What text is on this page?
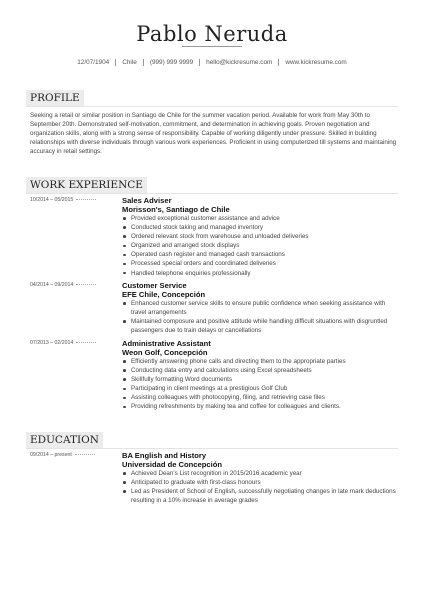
Pablo Neruda
12/07/1904 Chile (999) 999 9999 hello@kickresume.com www.kickresume.com
PROFILE
Seeking a retail or similar position in Santiago de Chile for the summer vacation period. Available for work from May 30th to September 20th. Demonstrated self-motivation, commitment, and determination in achieving goals. Proven negotiation and organization skills, along with a strong sense of responsibility. Capable of working diligently under pressure. Skilled in building relationships with diverse individuals through various work experiences. Proficient in using computerized till systems and maintaining accuracy in retail settings.
WORK EXPERIENCE
10/2014 – 05/2015	Sales Adviser
Morisson's, Santiago de Chile
Provided exceptional customer assistance and advice
Conducted stock taking and managed inventory
Ordered relevant stock from warehouse and unloaded deliveries
Organized and arranged stock displays
Operated cash register and managed cash transactions
Processed special orders and coordinated deliveries
Handled telephone enquiries professionally
04/2014 – 09/2014	Customer Service
EFE Chile, Concepción
Enhanced customer service skills to ensure public confidence when seeking assistance with travel arrangements
Maintained composure and positive attitude while handling difficult situations with disgruntled passengers due to train delays or cancellations
07/2013 – 02/2014	Administrative Assistant
Weon Golf, Concepción
Efficiently answering phone calls and directing them to the appropriate parties
Conducting data entry and calculations using Excel spreadsheets
Skillfully formatting Word documents
Participating in client meetings at a prestigious Golf Club
Assisting colleagues with photocopying, filing, and retrieving case files
Providing refreshments by making tea and coffee for colleagues and clients.
EDUCATION
09/2014 – present	BA English and History
Universidad de Concepción
Achieved Dean's List recognition in 2015/2016 academic year
Anticipated to graduate with first-class honours
Led as President of School of English, successfully negotiating changes in late mark deductions resulting in a 10% increase in average grades
